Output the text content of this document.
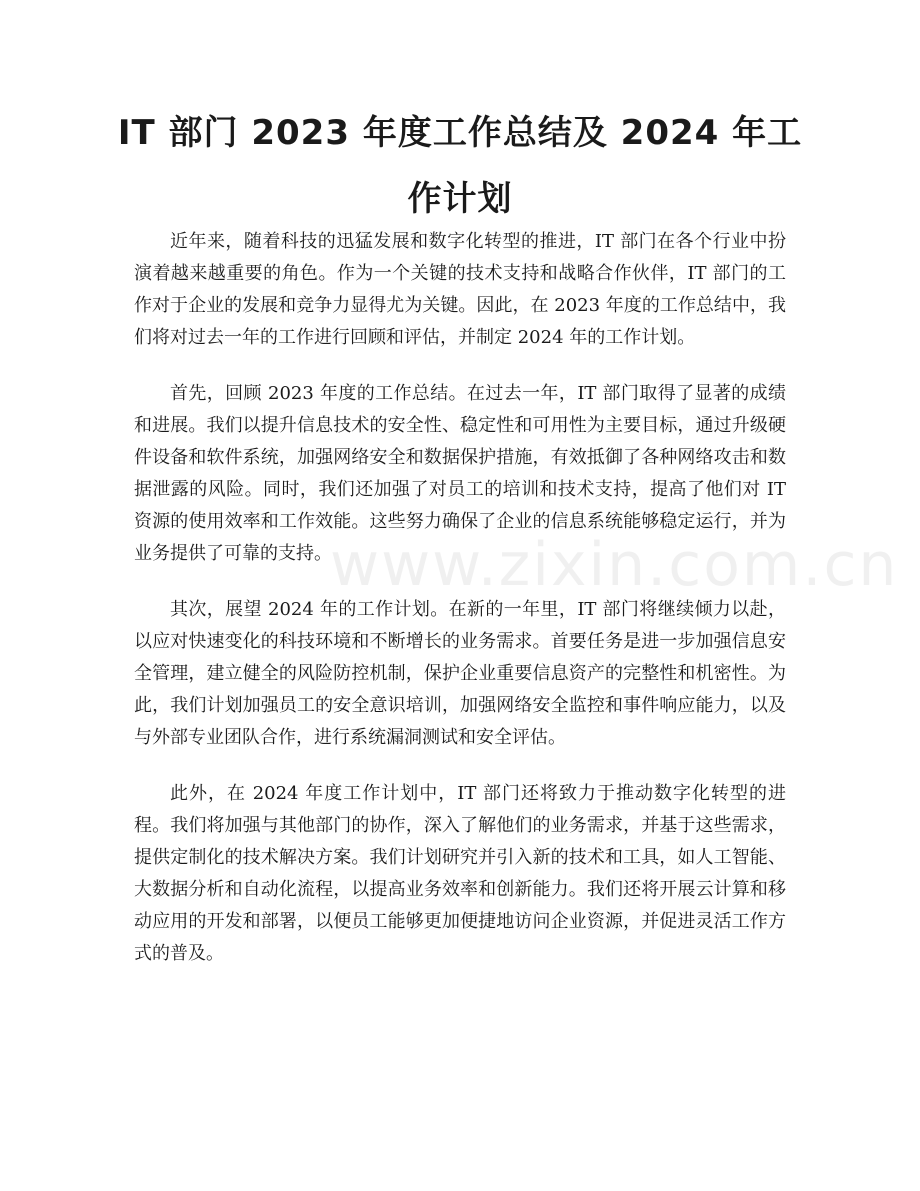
IT 部门 2023 年度工作总结及 2024 年工作计划

近年来，随着科技的迅猛发展和数字化转型的推进，IT 部门在各个行业中扮演着越来越重要的角色。作为一个关键的技术支持和战略合作伙伴，IT 部门的工作对于企业的发展和竞争力显得尤为关键。因此，在 2023 年度的工作总结中，我们将对过去一年的工作进行回顾和评估，并制定 2024 年的工作计划。

首先，回顾 2023 年度的工作总结。在过去一年，IT 部门取得了显著的成绩和进展。我们以提升信息技术的安全性、稳定性和可用性为主要目标，通过升级硬件设备和软件系统，加强网络安全和数据保护措施，有效抵御了各种网络攻击和数据泄露的风险。同时，我们还加强了对员工的培训和技术支持，提高了他们对 IT 资源的使用效率和工作效能。这些努力确保了企业的信息系统能够稳定运行，并为业务提供了可靠的支持。

其次，展望 2024 年的工作计划。在新的一年里，IT 部门将继续倾力以赴，以应对快速变化的科技环境和不断增长的业务需求。首要任务是进一步加强信息安全管理，建立健全的风险防控机制，保护企业重要信息资产的完整性和机密性。为此，我们计划加强员工的安全意识培训，加强网络安全监控和事件响应能力，以及与外部专业团队合作，进行系统漏洞测试和安全评估。

此外，在 2024 年度工作计划中，IT 部门还将致力于推动数字化转型的进程。我们将加强与其他部门的协作，深入了解他们的业务需求，并基于这些需求，提供定制化的技术解决方案。我们计划研究并引入新的技术和工具，如人工智能、大数据分析和自动化流程，以提高业务效率和创新能力。我们还将开展云计算和移动应用的开发和部署，以便员工能够更加便捷地访问企业资源，并促进灵活工作方式的普及。

www.zixin.com.cn
